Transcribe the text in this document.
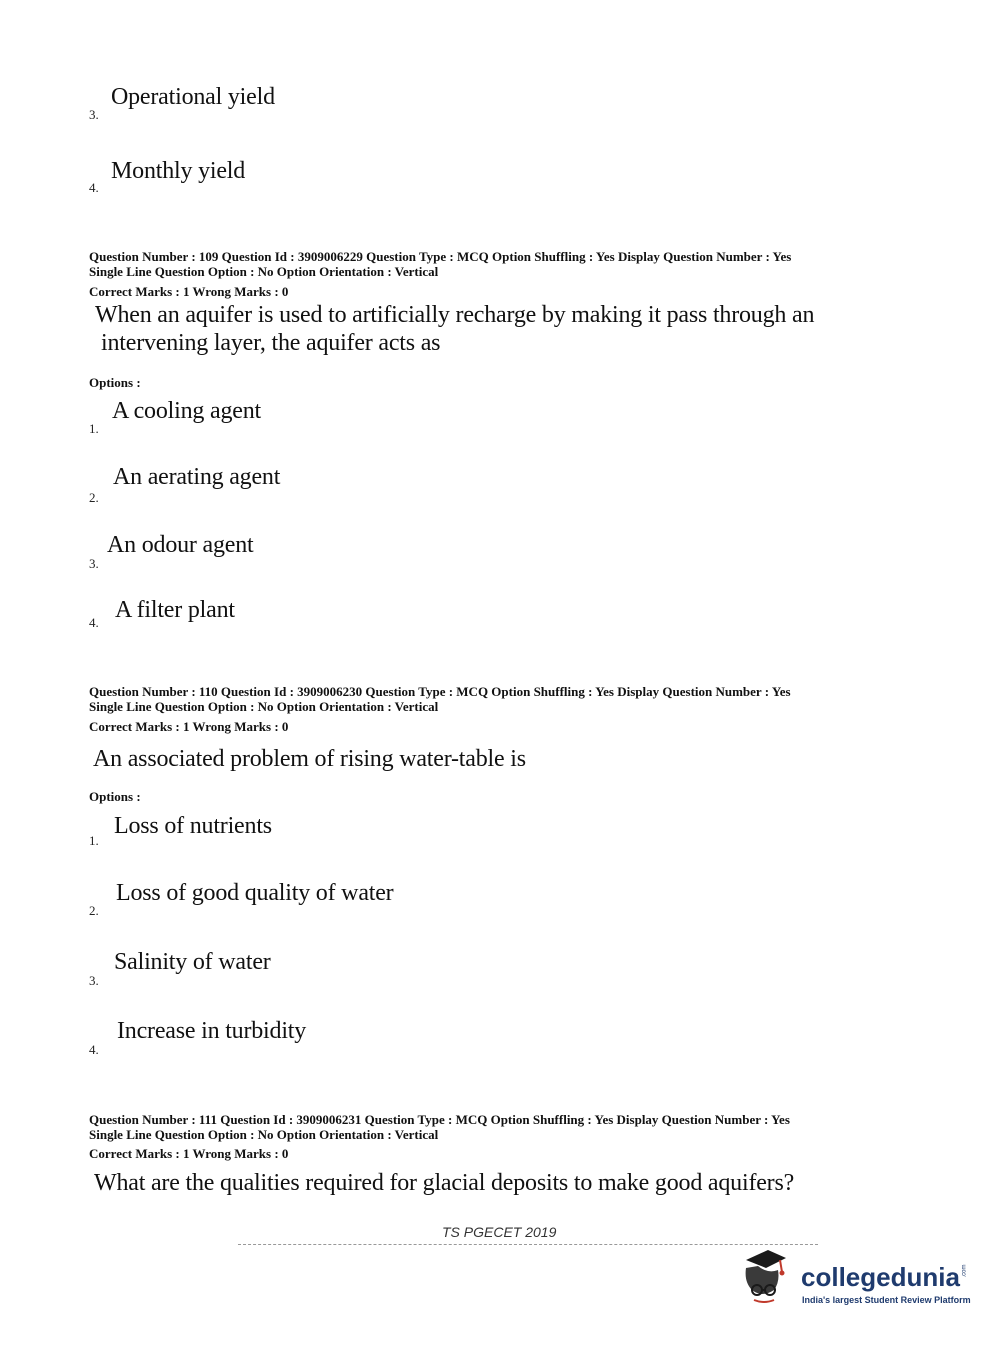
3.
Operational yield
4.
Monthly yield
Question Number : 109 Question Id : 3909006229 Question Type : MCQ Option Shuffling : Yes Display Question Number : Yes
Single Line Question Option : No Option Orientation : Vertical
Correct Marks : 1 Wrong Marks : 0
When an aquifer is used to artificially recharge by making it pass through an
intervening layer, the aquifer acts as
Options :
1.
A cooling agent
2.
An aerating agent
3.
An odour agent
4. A filter plant
Question Number : 110 Question Id : 3909006230 Question Type : MCQ Option Shuffling : Yes Display Question Number : Yes
Single Line Question Option : No Option Orientation : Vertical
Correct Marks : 1 Wrong Marks : 0
An associated problem of rising water-table is
Options :
1.
Loss of nutrients
2.
Loss of good quality of water
3.
Salinity of water
4.
Increase in turbidity
Question Number : 111 Question Id : 3909006231 Question Type : MCQ Option Shuffling : Yes Display Question Number : Yes
Single Line Question Option : No Option Orientation : Vertical
Correct Marks : 1 Wrong Marks : 0
What are the qualities required for glacial deposits to make good aquifers?
TS PGECET 2019
collegedunia .com
India's largest Student Review Platform
